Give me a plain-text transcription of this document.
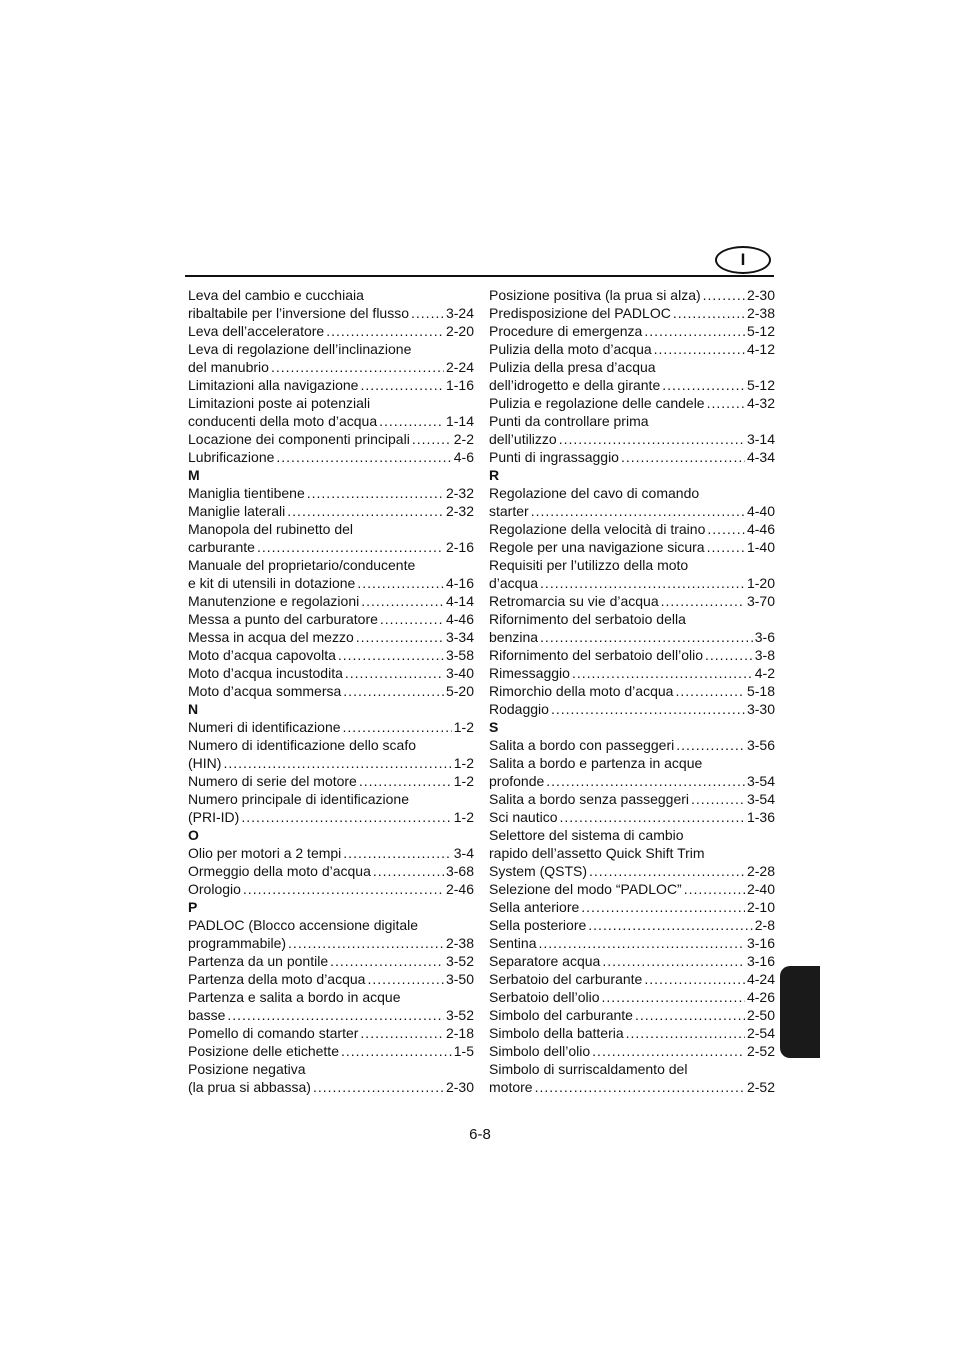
I
Leva del cambio e cucchiaia
ribaltabile per l’inversione del flusso .....	3-24
Leva dell’acceleratore .....	2-20
Leva di regolazione dell’inclinazione
del manubrio .....	2-24
Limitazioni alla navigazione .....	1-16
Limitazioni poste ai potenziali
conducenti della moto d’acqua .....	1-14
Locazione dei componenti principali .....	2-2
Lubrificazione .....	4-6
M
Maniglia tientibene .....	2-32
Maniglie laterali .....	2-32
Manopola del rubinetto del
carburante .....	2-16
Manuale del proprietario/conducente
e kit di utensili in dotazione .....	4-16
Manutenzione e regolazioni .....	4-14
Messa a punto del carburatore .....	4-46
Messa in acqua del mezzo .....	3-34
Moto d’acqua capovolta .....	3-58
Moto d’acqua incustodita .....	3-40
Moto d’acqua sommersa .....	5-20
N
Numeri di identificazione .....	1-2
Numero di identificazione dello scafo
(HIN) .....	1-2
Numero di serie del motore .....	1-2
Numero principale di identificazione
(PRI-ID) .....	1-2
O
Olio per motori a 2 tempi .....	3-4
Ormeggio della moto d’acqua .....	3-68
Orologio .....	2-46
P
PADLOC (Blocco accensione digitale
programmabile) .....	2-38
Partenza da un pontile .....	3-52
Partenza della moto d’acqua .....	3-50
Partenza e salita a bordo in acque
basse .....	3-52
Pomello di comando starter .....	2-18
Posizione delle etichette .....	1-5
Posizione negativa
(la prua si abbassa) .....	2-30
Posizione positiva (la prua si alza) .....	2-30
Predisposizione del PADLOC .....	2-38
Procedure di emergenza .....	5-12
Pulizia della moto d’acqua .....	4-12
Pulizia della presa d’acqua
dell’idrogetto e della girante .....	5-12
Pulizia e regolazione delle candele .....	4-32
Punti da controllare prima
dell’utilizzo .....	3-14
Punti di ingrassaggio .....	4-34
R
Regolazione del cavo di comando
starter .....	4-40
Regolazione della velocità di traino .....	4-46
Regole per una navigazione sicura .....	1-40
Requisiti per l’utilizzo della moto
d’acqua .....	1-20
Retromarcia su vie d’acqua .....	3-70
Rifornimento del serbatoio della
benzina .....	3-6
Rifornimento del serbatoio dell’olio .....	3-8
Rimessaggio .....	4-2
Rimorchio della moto d’acqua .....	5-18
Rodaggio .....	3-30
S
Salita a bordo con passeggeri .....	3-56
Salita a bordo e partenza in acque
profonde .....	3-54
Salita a bordo senza passeggeri .....	3-54
Sci nautico .....	1-36
Selettore del sistema di cambio
rapido dell’assetto Quick Shift Trim
System (QSTS) .....	2-28
Selezione del modo “PADLOC” .....	2-40
Sella anteriore .....	2-10
Sella posteriore .....	2-8
Sentina .....	3-16
Separatore acqua .....	3-16
Serbatoio del carburante .....	4-24
Serbatoio dell’olio .....	4-26
Simbolo del carburante .....	2-50
Simbolo della batteria .....	2-54
Simbolo dell’olio .....	2-52
Simbolo di surriscaldamento del
motore .....	2-52
6-8
